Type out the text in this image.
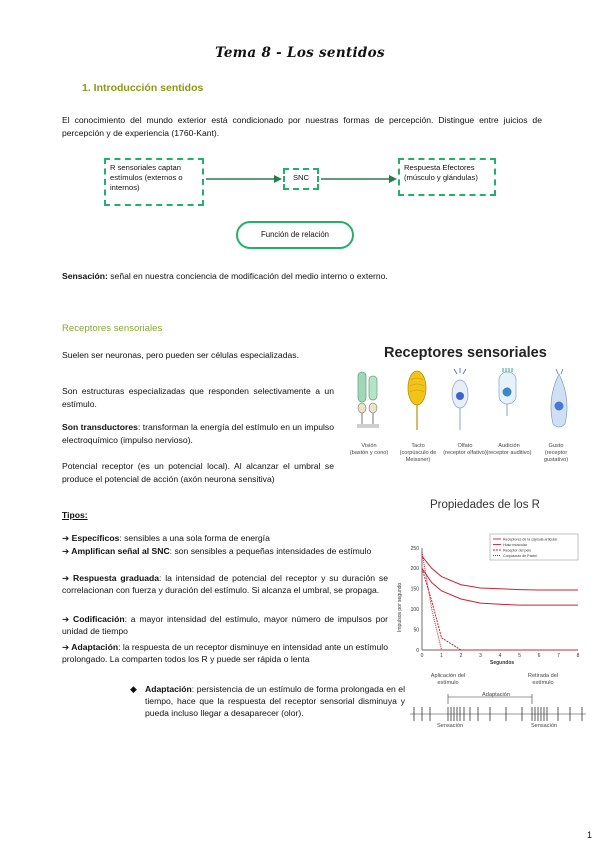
Tema 8 - Los sentidos
1. Introducción sentidos
El conocimiento del mundo exterior está condicionado por nuestras formas de percepción. Distingue entre juicios de percepción y de experiencia (1760-Kant).
R sensoriales captan estímulos (externos o internos)
SNC
Respuesta Efectores (músculo y glándulas)
Función de relación
Sensación: señal en nuestra conciencia de modificación del medio interno o externo.
Receptores sensoriales
Suelen ser neuronas, pero pueden ser células especializadas.
Son estructuras especializadas que responden selectivamente a un estímulo.
Son transductores: transforman la energía del estímulo en un impulso electroquímico (impulso nervioso).
Potencial receptor (es un potencial local). Al alcanzar el umbral se produce el potencial de acción (axón neurona sensitiva)
Tipos:
➔ Específicos: sensibles a una sola forma de energía
➔ Amplifican señal al SNC: son sensibles a pequeñas intensidades de estímulo
➔ Respuesta graduada: la intensidad de potencial del receptor y su duración se correlacionan con fuerza y duración del estímulo. Si alcanza el umbral, se propaga.
➔ Codificación: a mayor intensidad del estímulo, mayor número de impulsos por unidad de tiempo
➔ Adaptación: la respuesta de un receptor disminuye en intensidad ante un estímulo prolongado. La comparten todos los R y puede ser rápida o lenta
◆ Adaptación: persistencia de un estímulo de forma prolongada en el tiempo, hace que la respuesta del receptor sensorial disminuya y pueda incluso llegar a desaparecer (olor).
Receptores sensoriales
Visión
(bastón y cono)
Tacto
(corpúsculo de Meissner)
Olfato
(receptor olfativo)
Audición
(receptor auditivo)
Gusto
(receptor gustativo)
Propiedades de los R
0	1	2	3	4	5	6	7	8
0
50
100
150
200
250
Segundos
Impulsos por segundo
Receptores de la cápsula articular
Huso muscular
Receptor del pelo
Corpúsculo de Pacini
Aplicación del estímulo
Retirada del estímulo
Adaptación
Sensación	Sensación
1
